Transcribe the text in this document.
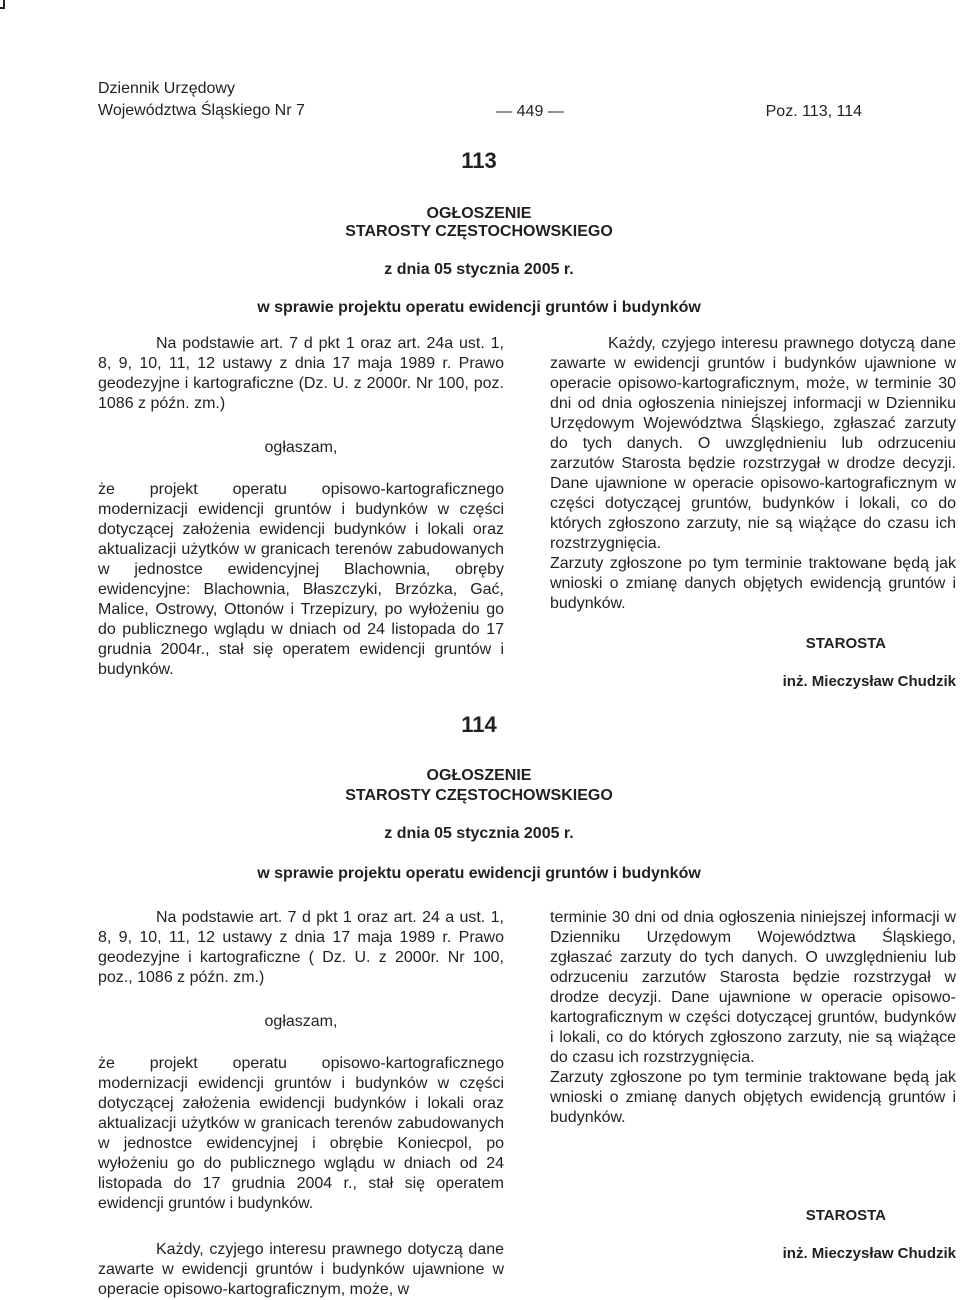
Dziennik Urzędowy
Województwa Śląskiego Nr 7	— 449 —	Poz. 113, 114
113
OGŁOSZENIE
STAROSTY CZĘSTOCHOWSKIEGO
z dnia 05 stycznia 2005 r.
w sprawie projektu operatu ewidencji gruntów i budynków

Na podstawie art. 7 d pkt 1 oraz art. 24a ust. 1, 8, 9, 10, 11, 12 ustawy z dnia 17 maja 1989 r. Prawo geodezyjne i kartograficzne (Dz. U. z 2000r. Nr 100, poz. 1086 z późn. zm.)

ogłaszam,

że projekt operatu opisowo-kartograficznego modernizacji ewidencji gruntów i budynków w części dotyczącej założenia ewidencji budynków i lokali oraz aktualizacji użytków w granicach terenów zabudowanych w jednostce ewidencyjnej Blachownia, obręby ewidencyjne: Blachownia, Błaszczyki, Brzózka, Gać, Malice, Ostrowy, Ottonów i Trzepizury, po wyłożeniu go do publicznego wglądu w dniach od 24 listopada do 17 grudnia 2004r., stał się operatem ewidencji gruntów i budynków.

Każdy, czyjego interesu prawnego dotyczą dane zawarte w ewidencji gruntów i budynków ujawnione w operacie opisowo-kartograficznym, może, w terminie 30 dni od dnia ogłoszenia niniejszej informacji w Dzienniku Urzędowym Województwa Śląskiego, zgłaszać zarzuty do tych danych. O uwzględnieniu lub odrzuceniu zarzutów Starosta będzie rozstrzygał w drodze decyzji. Dane ujawnione w operacie opisowo-kartograficznym w części dotyczącej gruntów, budynków i lokali, co do których zgłoszono zarzuty, nie są wiążące do czasu ich rozstrzygnięcia.

Zarzuty zgłoszone po tym terminie traktowane będą jak wnioski o zmianę danych objętych ewidencją gruntów i budynków.

STAROSTA

inż. Mieczysław Chudzik

114
OGŁOSZENIE
STAROSTY CZĘSTOCHOWSKIEGO
z dnia 05 stycznia 2005 r.
w sprawie projektu operatu ewidencji gruntów i budynków

Na podstawie art. 7 d pkt 1 oraz art. 24 a ust. 1, 8, 9, 10, 11, 12 ustawy z dnia 17 maja 1989 r. Prawo geodezyjne i kartograficzne ( Dz. U. z 2000r. Nr 100, poz., 1086 z późn. zm.)

ogłaszam,

że projekt operatu opisowo-kartograficznego modernizacji ewidencji gruntów i budynków w części dotyczącej założenia ewidencji budynków i lokali oraz aktualizacji użytków w granicach terenów zabudowanych w jednostce ewidencyjnej i obrębie Koniecpol, po wyłożeniu go do publicznego wglądu w dniach od 24 listopada do 17 grudnia 2004 r., stał się operatem ewidencji gruntów i budynków.

Każdy, czyjego interesu prawnego dotyczą dane zawarte w ewidencji gruntów i budynków ujawnione w operacie opisowo-kartograficznym, może, w

terminie 30 dni od dnia ogłoszenia niniejszej informacji w Dzienniku Urzędowym Województwa Śląskiego, zgłaszać zarzuty do tych danych. O uwzględnieniu lub odrzuceniu zarzutów Starosta będzie rozstrzygał w drodze decyzji. Dane ujawnione w operacie opisowo-kartograficznym w części dotyczącej gruntów, budynków i lokali, co do których zgłoszono zarzuty, nie są wiążące do czasu ich rozstrzygnięcia.

Zarzuty zgłoszone po tym terminie traktowane będą jak wnioski o zmianę danych objętych ewidencją gruntów i budynków.

STAROSTA

inż. Mieczysław Chudzik
